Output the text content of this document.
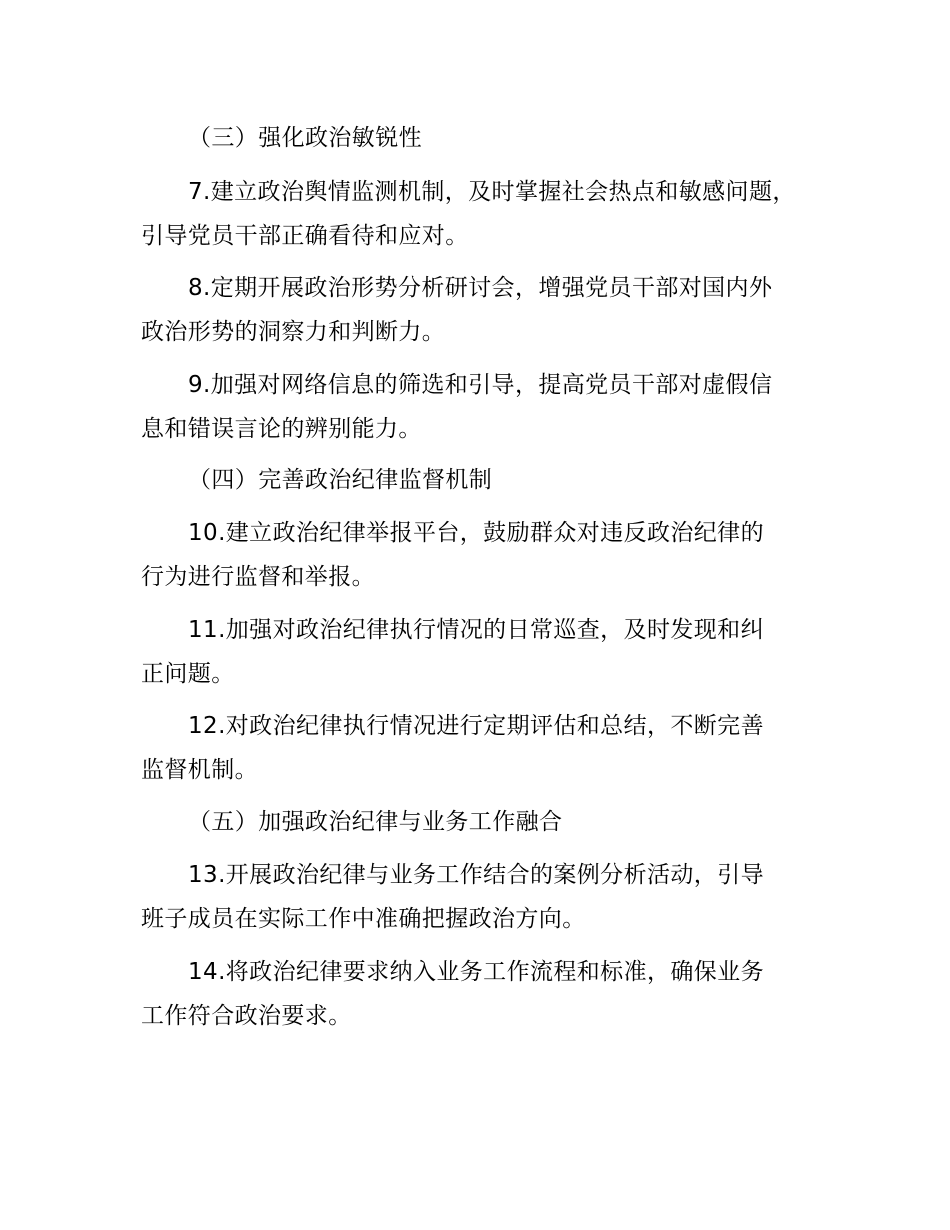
（三）强化政治敏锐性
7.建立政治舆情监测机制，及时掌握社会热点和敏感问题，
引导党员干部正确看待和应对。
8.定期开展政治形势分析研讨会，增强党员干部对国内外
政治形势的洞察力和判断力。
9.加强对网络信息的筛选和引导，提高党员干部对虚假信
息和错误言论的辨别能力。
（四）完善政治纪律监督机制
10.建立政治纪律举报平台，鼓励群众对违反政治纪律的
行为进行监督和举报。
11.加强对政治纪律执行情况的日常巡查，及时发现和纠
正问题。
12.对政治纪律执行情况进行定期评估和总结，不断完善
监督机制。
（五）加强政治纪律与业务工作融合
13.开展政治纪律与业务工作结合的案例分析活动，引导
班子成员在实际工作中准确把握政治方向。
14.将政治纪律要求纳入业务工作流程和标准，确保业务
工作符合政治要求。
